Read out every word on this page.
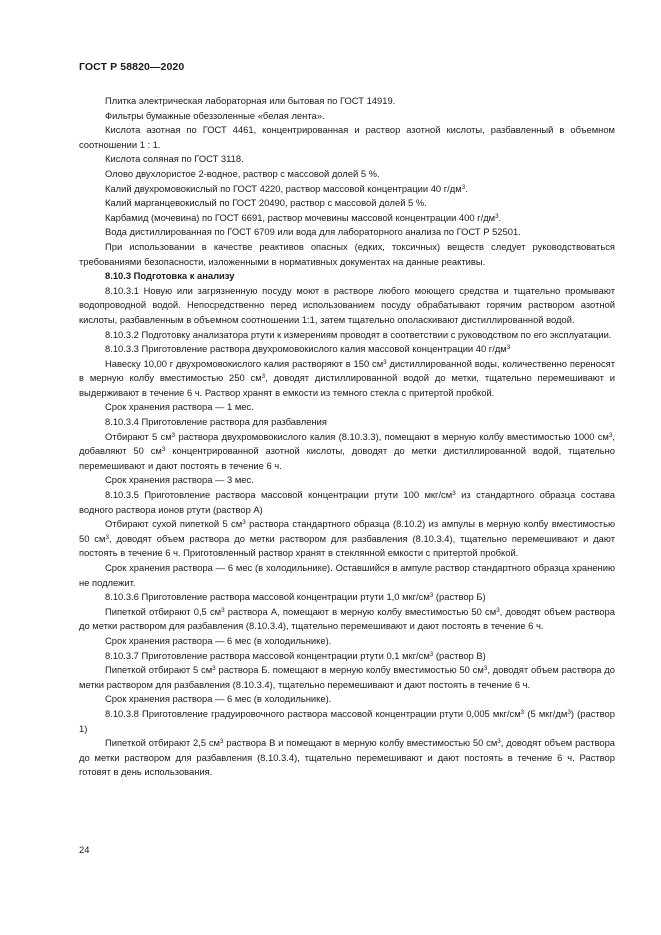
ГОСТ Р 58820—2020

Плитка электрическая лабораторная или бытовая по ГОСТ 14919.

Фильтры бумажные обеззоленные «белая лента».

Кислота азотная по ГОСТ 4461, концентрированная и раствор азотной кислоты, разбавленный в объемном соотношении 1 : 1.

Кислота соляная по ГОСТ 3118.

Олово двухлористое 2-водное, раствор с массовой долей 5 %.

Калий двухромовокислый по ГОСТ 4220, раствор массовой концентрации 40 $г/дм^3$.

Калий марганцевокислый по ГОСТ 20490, раствор с массовой долей 5 %.

Карбамид (мочевина) по ГОСТ 6691, раствор мочевины массовой концентрации 400 $г/дм^3$.

Вода дистиллированная по ГОСТ 6709 или вода для лабораторного анализа по ГОСТ Р 52501.

При использовании в качестве реактивов опасных (едких, токсичных) веществ следует руководствоваться требованиями безопасности, изложенными в нормативных документах на данные реактивы.

8.10.3 Подготовка к анализу

8.10.3.1 Новую или загрязненную посуду моют в растворе любого моющего средства и тщательно промывают водопроводной водой. Непосредственно перед использованием посуду обрабатывают горячим раствором азотной кислоты, разбавленным в объемном соотношении 1:1, затем тщательно ополаскивают дистиллированной водой.

8.10.3.2 Подготовку анализатора ртути к измерениям проводят в соответствии с руководством по его эксплуатации.

8.10.3.3 Приготовление раствора двухромовокислого калия массовой концентрации 40 $г/дм^3$

Навеску 10,00 г двухромовокислого калия растворяют в 150 $см^3$ дистиллированной воды, количественно переносят в мерную колбу вместимостью 250 $см^3$, доводят дистиллированной водой до метки, тщательно перемешивают и выдерживают в течение 6 ч. Раствор хранят в емкости из темного стекла с притертой пробкой.

Срок хранения раствора — 1 мес.

8.10.3.4 Приготовление раствора для разбавления

Отбирают 5 $см^3$ раствора двухромовокислого калия (8.10.3.3), помещают в мерную колбу вместимостью 1000 $см^3$, добавляют 50 $см^3$ концентрированной азотной кислоты, доводят до метки дистиллированной водой, тщательно перемешивают и дают постоять в течение 6 ч.

Срок хранения раствора — 3 мес.

8.10.3.5 Приготовление раствора массовой концентрации ртути 100 мкг/$см^3$ из стандартного образца состава водного раствора ионов ртути (раствор А)

Отбирают сухой пипеткой 5 $см^3$ раствора стандартного образца (8.10.2) из ампулы в мерную колбу вместимостью 50 $см^3$, доводят объем раствора до метки раствором для разбавления (8.10.3.4), тщательно перемешивают и дают постоять в течение 6 ч. Приготовленный раствор хранят в стеклянной емкости с притертой пробкой.

Срок хранения раствора — 6 мес (в холодильнике). Оставшийся в ампуле раствор стандартного образца хранению не подлежит.

8.10.3.6 Приготовление раствора массовой концентрации ртути 1,0 мкг/$см^3$ (раствор Б)

Пипеткой отбирают 0,5 $см^3$ раствора А, помещают в мерную колбу вместимостью 50 $см^3$, доводят объем раствора до метки раствором для разбавления (8.10.3.4), тщательно перемешивают и дают постоять в течение 6 ч.

Срок хранения раствора — 6 мес (в холодильнике).

8.10.3.7 Приготовление раствора массовой концентрации ртути 0,1 мкг/$см^3$ (раствор В)

Пипеткой отбирают 5 $см^3$ раствора Б. помещают в мерную колбу вместимостью 50 $см^3$, доводят объем раствора до метки раствором для разбавления (8.10.3.4), тщательно перемешивают и дают постоять в течение 6 ч.

Срок хранения раствора — 6 мес (в холодильнике).

8.10.3.8 Приготовление градуировочного раствора массовой концентрации ртути 0,005 мкг/$см^3$ (5 мкг/$дм^3$) (раствор 1)

Пипеткой отбирают 2,5 $см^3$ раствора В и помещают в мерную колбу вместимостью 50 $см^3$, доводят объем раствора до метки раствором для разбавления (8.10.3.4), тщательно перемешивают и дают постоять в течение 6 ч. Раствор готовят в день использования.

24
